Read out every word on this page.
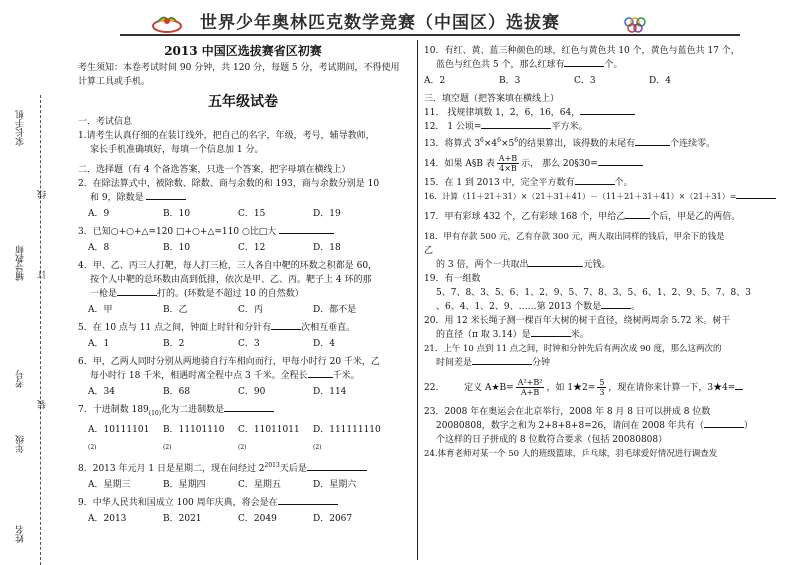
世界少年奥林匹克数学竞赛（中国区）选拔赛
家长手机
线
辅导教师 订
考号
装
年级
姓名
2013 中国区选拔赛省区初赛

考生须知：本卷考试时间 90 分钟，共 120 分，每题 5 分，考试期间，不得使用

计算工具或手机。

五年级试卷

一．考试信息

1.请考生认真仔细的在装订线外，把自己的名字，年级，考号，辅导教师，

家长手机准确填好，每填一个信息加 1 分。

二．选择题（有 4 个备选答案，只选一个答案，把字母填在横线上）

2．在除法算式中，被除数、除数、商与余数的和 193，商与余数分别是 10

和 9，除数是

A．9	B．10	C．15	D．19

3．已知○+○+△=120 □+○+△=110 ○比□大

A．8	B．10	C．12	D．18

4．甲、乙、丙三人打靶，每人打三枪，三人各自中靶的环数之积都是 60，

按个人中靶的总环数由高到低排，依次是甲、乙、丙。靶子上 4 环的那

一枪是	打的。(环数是不超过 10 的自然数）

A．甲	B．乙	C．丙	D．都不是

5．在 10 点与 11 点之间，钟面上时针和分针有	次相互垂直。

A．1	B．2	C．3	D．4

6．甲，乙两人同时分别从两地骑自行车相向而行，甲每小时行 20 千米，乙

每小时行 18 千米，相遇时离全程中点 3 千米。全程长	千米。

A．34	B．68	C．90	D．114

7．十进制数 $189_{(10)}$化为二进制数是

A．$10111101_{(2)}$
B．$11101110_{(2)}$
C．$11011011_{(2)}$
D．$111111110_{(2)}$

8．2013 年元月 1 日是星期二，现在问经过 $2^{2013}$天后是

A．星期三	B．星期四	C．星期五	D．星期六

9．中华人民共和国成立 100 周年庆典，将会是在

A．2013	B．2021	C．2049	D．2067

10．有红、黄、蓝三种颜色的球，红色与黄色共 10 个，黄色与蓝色共 17 个，

蓝色与红色共 5 个，那么红球有	个。

A．2	B．3	C．3	D．4

三．填空题（把答案填在横线上）

11． 找规律填数 1，2，6，16，64，

12． 1 公顷=	平方米。

13．将算式 $3^6\times 4^6\times 5^6$的结果算出，该得数的末尾有	个连续零。

14．如果 A§B 表 $\frac{A+B}{4\times B}$ 示， 那么 20§30=

15．在 1 到 2013 中，完全平方数有	个。

16．计算（11＋21＋31）×（21＋31＋41）－（11＋21＋31＋41）×（21＋31）=

17．甲有彩球 432 个，乙有彩球 168 个，甲给乙	个后，甲是乙的两倍。

18．甲有存款 500 元，乙有存款 300 元，两人取出同样的钱后，甲余下的钱是

乙

的 3 倍，两个一共取出	元钱。

19．有一组数

5、7、8、3、5、6、1、2、9、5、7、8、3、5、6、1、2、9、5、7、8、3

、6、4、1、2、9、……第 2013 个数是	。

20．用 12 米长绳子测一棵百年大树的树干直径，绕树两周余 5.72 米。树干

的直径（π 取 3.14）是	米。

21．上午 10 点到 11 点之间，时钟和分钟先后有两次成 90 度，那么这两次的

时间差是	分钟

22.	定义 A★B= $\frac{\text{A²+B²}}{A+B}$ ，如 1★2= $\frac{5}{3}$ ，现在请你来计算一下，3★4=

23．2008 年在奥运会在北京举行，2008 年 8 月 8 日可以拼成 8 位数

20080808，数字之和为 2+8+8+8=26，请问在 2008 年共有（	）

个这样的日子拼成的 8 位数符合要求（包括 20080808）

24.体育老师对某一个 50 人的班级篮球，乒乓球，羽毛球爱好情况进行调查发
